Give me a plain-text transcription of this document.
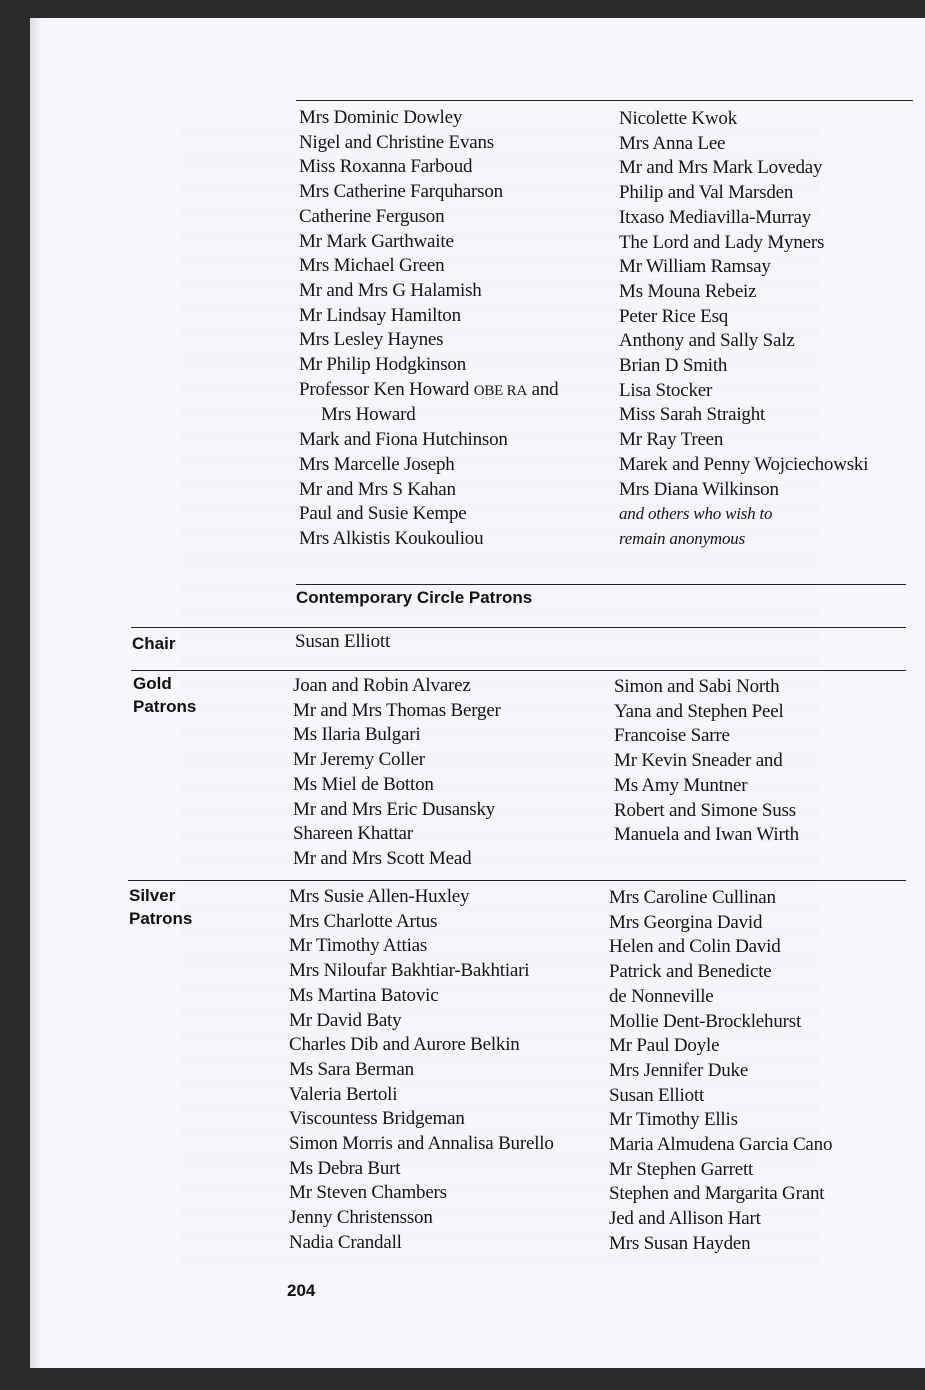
Mrs Dominic Dowley
Nigel and Christine Evans
Miss Roxanna Farboud
Mrs Catherine Farquharson
Catherine Ferguson
Mr Mark Garthwaite
Mrs Michael Green
Mr and Mrs G Halamish
Mr Lindsay Hamilton
Mrs Lesley Haynes
Mr Philip Hodgkinson
Professor Ken Howard OBE RA and
Mrs Howard
Mark and Fiona Hutchinson
Mrs Marcelle Joseph
Mr and Mrs S Kahan
Paul and Susie Kempe
Mrs Alkistis Koukouliou
Nicolette Kwok
Mrs Anna Lee
Mr and Mrs Mark Loveday
Philip and Val Marsden
Itxaso Mediavilla-Murray
The Lord and Lady Myners
Mr William Ramsay
Ms Mouna Rebeiz
Peter Rice Esq
Anthony and Sally Salz
Brian D Smith
Lisa Stocker
Miss Sarah Straight
Mr Ray Treen
Marek and Penny Wojciechowski
Mrs Diana Wilkinson
and others who wish to
remain anonymous
Contemporary Circle Patrons
Chair	Susan Elliott
Gold
Patrons
Joan and Robin Alvarez
Mr and Mrs Thomas Berger
Ms Ilaria Bulgari
Mr Jeremy Coller
Ms Miel de Botton
Mr and Mrs Eric Dusansky
Shareen Khattar
Mr and Mrs Scott Mead
Simon and Sabi North
Yana and Stephen Peel
Francoise Sarre
Mr Kevin Sneader and
Ms Amy Muntner
Robert and Simone Suss
Manuela and Iwan Wirth
Silver
Patrons
Mrs Susie Allen-Huxley
Mrs Charlotte Artus
Mr Timothy Attias
Mrs Niloufar Bakhtiar-Bakhtiari
Ms Martina Batovic
Mr David Baty
Charles Dib and Aurore Belkin
Ms Sara Berman
Valeria Bertoli
Viscountess Bridgeman
Simon Morris and Annalisa Burello
Ms Debra Burt
Mr Steven Chambers
Jenny Christensson
Nadia Crandall
Mrs Caroline Cullinan
Mrs Georgina David
Helen and Colin David
Patrick and Benedicte
de Nonneville
Mollie Dent-Brocklehurst
Mr Paul Doyle
Mrs Jennifer Duke
Susan Elliott
Mr Timothy Ellis
Maria Almudena Garcia Cano
Mr Stephen Garrett
Stephen and Margarita Grant
Jed and Allison Hart
Mrs Susan Hayden
204
